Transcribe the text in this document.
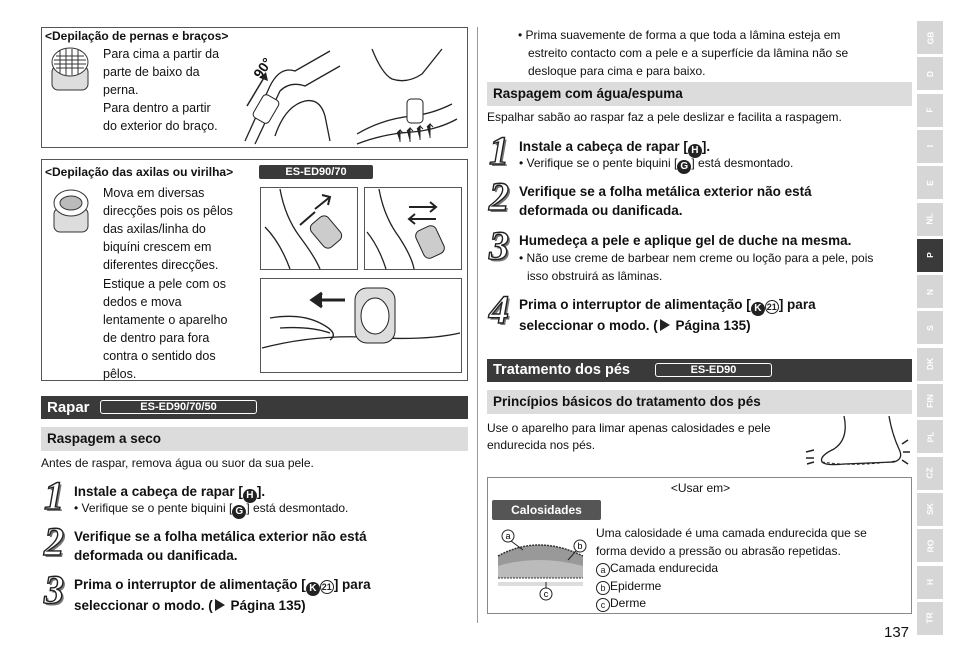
<Depilação de pernas e braços>
Para cima a partir da
parte de baixo da
perna.
Para dentro a partir
do exterior do braço.
90°
<Depilação das axilas ou virilha>	ES-ED90/70
Mova em diversas
direcções pois os pêlos
das axilas/linha do
biquíni crescem em
diferentes direcções.
Estique a pele com os
dedos e mova
lentamente o aparelho
de dentro para fora
contra o sentido dos
pêlos.
Rapar	ES-ED90/70/50
Raspagem a seco
Antes de raspar, remova água ou suor da sua pele.
1 Instale a cabeça de rapar [ H ].
• Verifique se o pente biquini [ G ] está desmontado.
2 Verifique se a folha metálica exterior não está
deformada ou danificada.
3 Prima o interruptor de alimentação [ K 21 ] para
seleccionar o modo. ( Página 135)
• Prima suavemente de forma a que toda a lâmina esteja em
estreito contacto com a pele e a superfície da lâmina não se
desloque para cima e para baixo.
Raspagem com água/espuma
Espalhar sabão ao raspar faz a pele deslizar e facilita a raspagem.
1 Instale a cabeça de rapar [ H ].
• Verifique se o pente biquini [ G ] está desmontado.
2 Verifique se a folha metálica exterior não está
deformada ou danificada.
3 Humedeça a pele e aplique gel de duche na mesma.
• Não use creme de barbear nem creme ou loção para a pele, pois
isso obstruirá as lâminas.
4 Prima o interruptor de alimentação [ K 21 ] para
seleccionar o modo. ( Página 135)
Tratamento dos pés	ES-ED90
Princípios básicos do tratamento dos pés
Use o aparelho para limar apenas calosidades e pele
endurecida nos pés.
<Usar em>
Calosidades
a
b
c
Uma calosidade é uma camada endurecida que se
forma devido a pressão ou abrasão repetidas.
a Camada endurecida
b Epiderme
c Derme
137
GB
D
F
I
E
NL
P
N
S
DK
FIN
PL
CZ
SK
RO
H
TR
